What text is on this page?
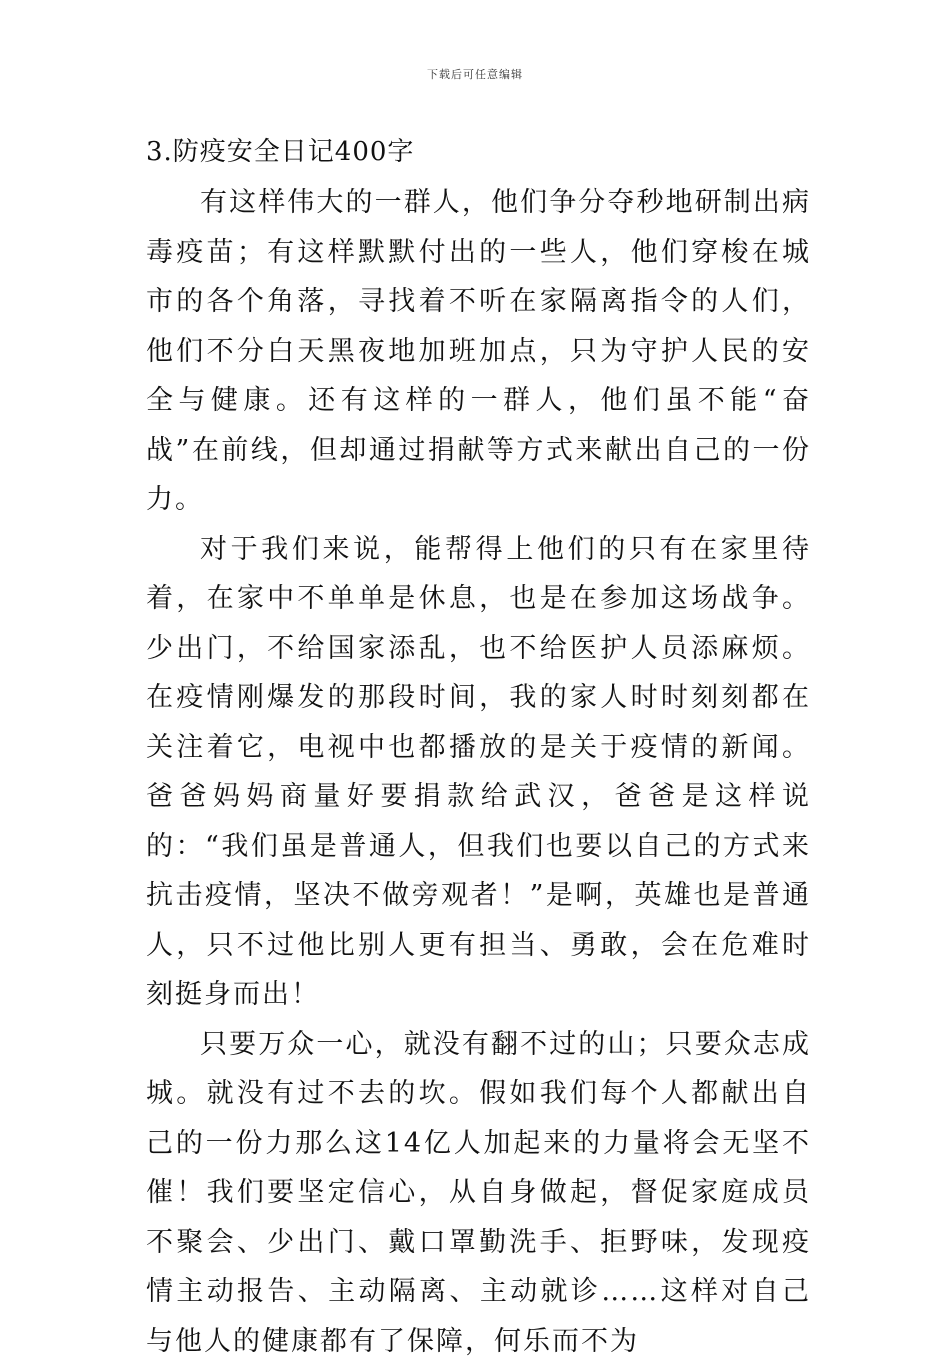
下载后可任意编辑
3.防疫安全日记400字

有这样伟大的一群人，他们争分夺秒地研制出病毒疫苗；有这样默默付出的一些人，他们穿梭在城市的各个角落，寻找着不听在家隔离指令的人们，他们不分白天黑夜地加班加点，只为守护人民的安全与健康。还有这样的一群人，他们虽不能“奋战”在前线，但却通过捐献等方式来献出自己的一份力。

对于我们来说，能帮得上他们的只有在家里待着，在家中不单单是休息，也是在参加这场战争。少出门，不给国家添乱，也不给医护人员添麻烦。在疫情刚爆发的那段时间，我的家人时时刻刻都在关注着它，电视中也都播放的是关于疫情的新闻。爸爸妈妈商量好要捐款给武汉，爸爸是这样说的：“我们虽是普通人，但我们也要以自己的方式来抗击疫情，坚决不做旁观者！”是啊，英雄也是普通人，只不过他比别人更有担当、勇敢，会在危难时刻挺身而出！

只要万众一心，就没有翻不过的山；只要众志成城。就没有过不去的坎。假如我们每个人都献出自己的一份力那么这14亿人加起来的力量将会无坚不催！我们要坚定信心，从自身做起，督促家庭成员不聚会、少出门、戴口罩勤洗手、拒野味，发现疫情主动报告、主动隔离、主动就诊……这样对自己与他人的健康都有了保障，何乐而不为
